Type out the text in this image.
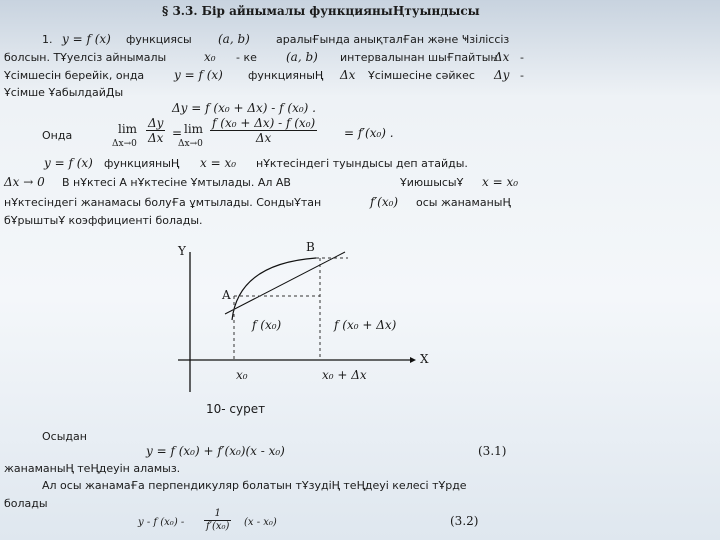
§ 3.3. Бір айнымалы функцияныҢтуындысы
1. y = f (x) функциясы (a, b) аралыҒында анықталҒан және Ҹзіліссіз
болсын. ТҰуелсіз айнымалы	x₀ - ке (a, b) интервалынан шыҒпайтын
Δx -
Ұсімшесін берейік, онда y = f (x) функцияныҢ Δx Ұсімшесіне сәйкес Δy -
Ұсімше ҰабылдайДы
Δy = f (x₀ + Δx) - f (x₀) .
Онда	lim
$\Delta x\to 0 \frac{\Delta y}{\Delta x} = \lim$
$\Delta x\to 0 \frac{\text{f (x₀ + Δx) - f (x₀)}}{\Delta x} = f'(x_0)$ .
y = f (x) функцияныҢ x = x₀ нҰктесіндегі туындысы деп атайды.
Δx → 0 В нҰктесі А нҰктесіне Ұмтылады. Ал АВ	ҰиюшысыҰ x = x₀
нҰктесіндегі жанамасы болуҒа ұмтылады. СондыҰтан	f′(x₀) осы жанаманыҢ
бҰрыштыҰ коэффициенті болады.
Y
X
A
B
f (x₀)	f (x₀ + Δx)
x₀	x₀ + Δx
10- сурет
Осыдан
y = f (x₀) + f′(x₀)(x - x₀)	(3.1)
жанаманыҢ теҢдеуін аламыз.
Ал осы жанамаҒа перпендикуляр болатын тҰзудіҢ теҢдеуі келесі тҰрде
болады
y - f $(x_0) - \frac{1}{\text{f′(x₀)}} (x - x_0)$	(3.2)
